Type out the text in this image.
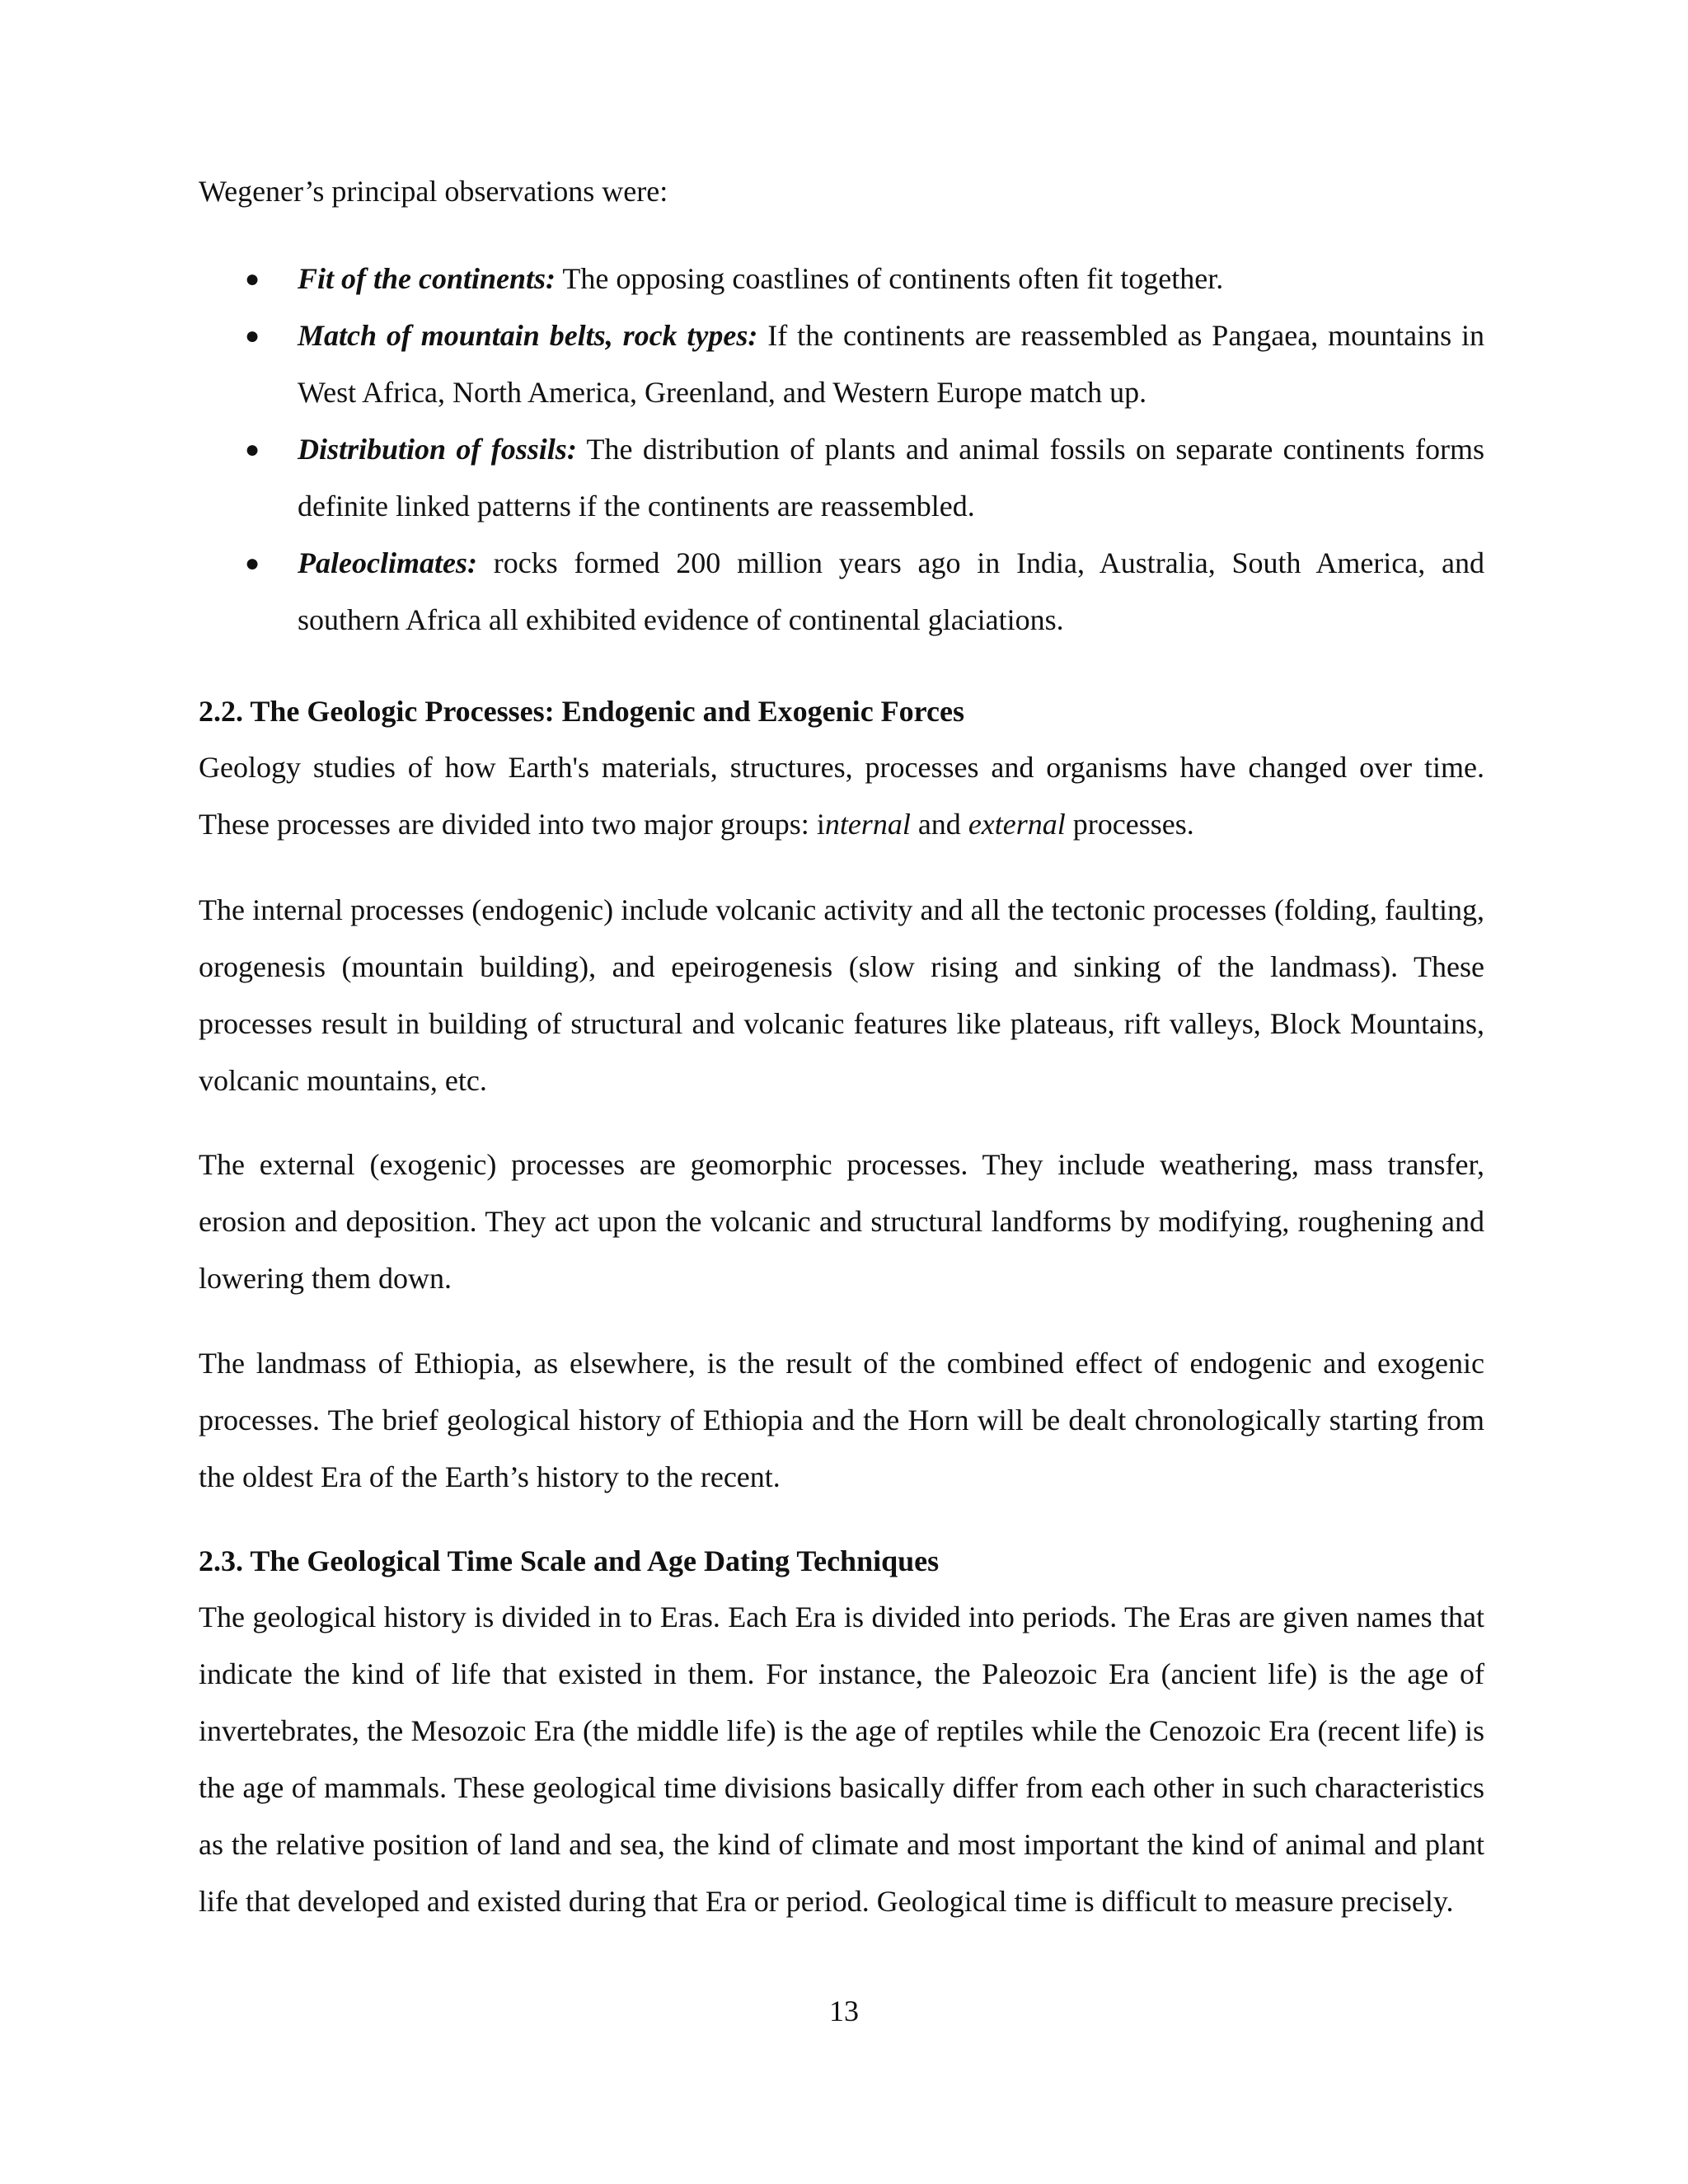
Wegener’s principal observations were:
● Fit of the continents: The opposing coastlines of continents often fit together.
● Match of mountain belts, rock types: If the continents are reassembled as Pangaea, mountains in West Africa, North America, Greenland, and Western Europe match up.
● Distribution of fossils: The distribution of plants and animal fossils on separate continents forms definite linked patterns if the continents are reassembled.
● Paleoclimates: rocks formed 200 million years ago in India, Australia, South America, and southern Africa all exhibited evidence of continental glaciations.
2.2. The Geologic Processes: Endogenic and Exogenic Forces
Geology studies of how Earth's materials, structures, processes and organisms have changed over time. These processes are divided into two major groups: internal and external processes.
The internal processes (endogenic) include volcanic activity and all the tectonic processes (folding, faulting, orogenesis (mountain building), and epeirogenesis (slow rising and sinking of the landmass). These processes result in building of structural and volcanic features like plateaus, rift valleys, Block Mountains, volcanic mountains, etc.
The external (exogenic) processes are geomorphic processes. They include weathering, mass transfer, erosion and deposition. They act upon the volcanic and structural landforms by modifying, roughening and lowering them down.
The landmass of Ethiopia, as elsewhere, is the result of the combined effect of endogenic and exogenic processes. The brief geological history of Ethiopia and the Horn will be dealt chronologically starting from the oldest Era of the Earth’s history to the recent.
2.3. The Geological Time Scale and Age Dating Techniques
The geological history is divided in to Eras. Each Era is divided into periods. The Eras are given names that indicate the kind of life that existed in them. For instance, the Paleozoic Era (ancient life) is the age of invertebrates, the Mesozoic Era (the middle life) is the age of reptiles while the Cenozoic Era (recent life) is the age of mammals. These geological time divisions basically differ from each other in such characteristics as the relative position of land and sea, the kind of climate and most important the kind of animal and plant life that developed and existed during that Era or period. Geological time is difficult to measure precisely.
13
